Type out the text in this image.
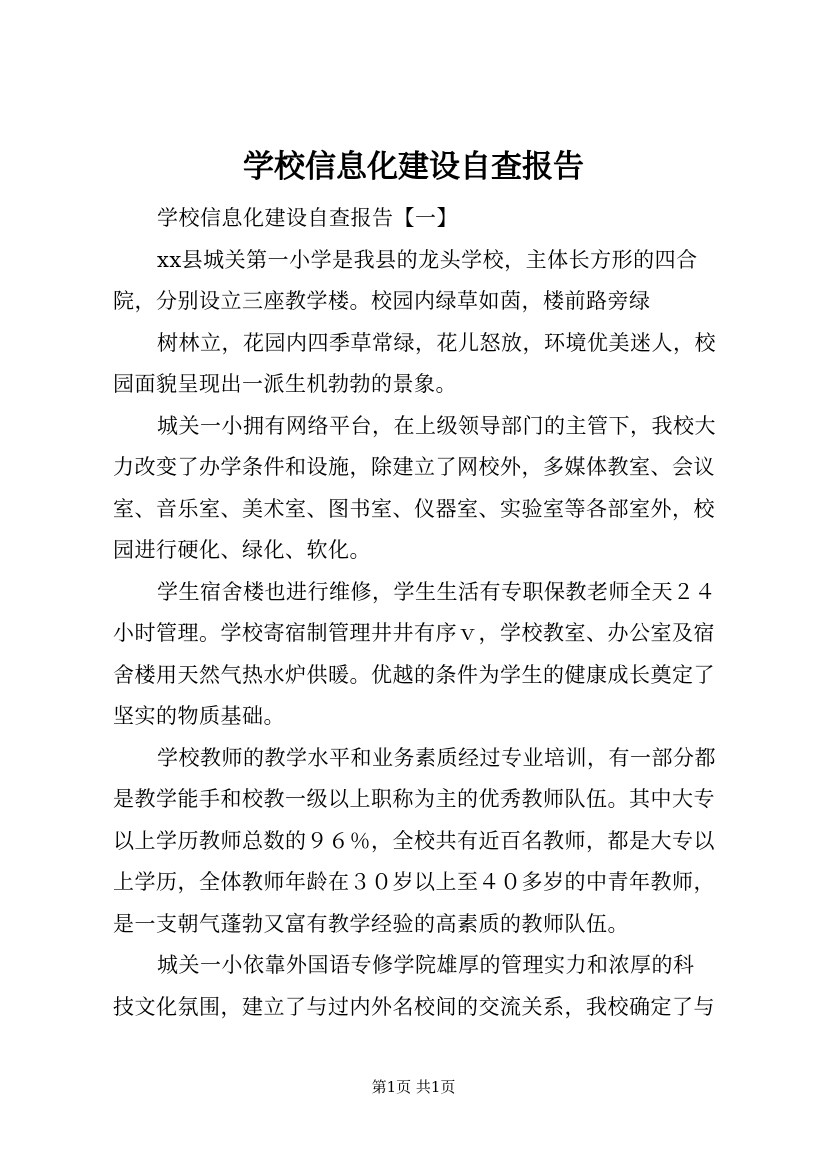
学校信息化建设自查报告
学校信息化建设自查报告【一】
xx县城关第一小学是我县的龙头学校，主体长方形的四合
院，分别设立三座教学楼。校园内绿草如茵，楼前路旁绿
树林立，花园内四季草常绿，花儿怒放，环境优美迷人，校
园面貌呈现出一派生机勃勃的景象。
城关一小拥有网络平台，在上级领导部门的主管下，我校大
力改变了办学条件和设施，除建立了网校外，多媒体教室、会议
室、音乐室、美术室、图书室、仪器室、实验室等各部室外，校
园进行硬化、绿化、软化。
学生宿舍楼也进行维修，学生生活有专职保教老师全天２４
小时管理。学校寄宿制管理井井有序ｖ，学校教室、办公室及宿
舍楼用天然气热水炉供暖。优越的条件为学生的健康成长奠定了
坚实的物质基础。
学校教师的教学水平和业务素质经过专业培训，有一部分都
是教学能手和校教一级以上职称为主的优秀教师队伍。其中大专
以上学历教师总数的９６％，全校共有近百名教师，都是大专以
上学历，全体教师年龄在３０岁以上至４０多岁的中青年教师，
是一支朝气蓬勃又富有教学经验的高素质的教师队伍。
城关一小依靠外国语专修学院雄厚的管理实力和浓厚的科
技文化氛围，建立了与过内外名校间的交流关系，我校确定了与
第1页 共1页
